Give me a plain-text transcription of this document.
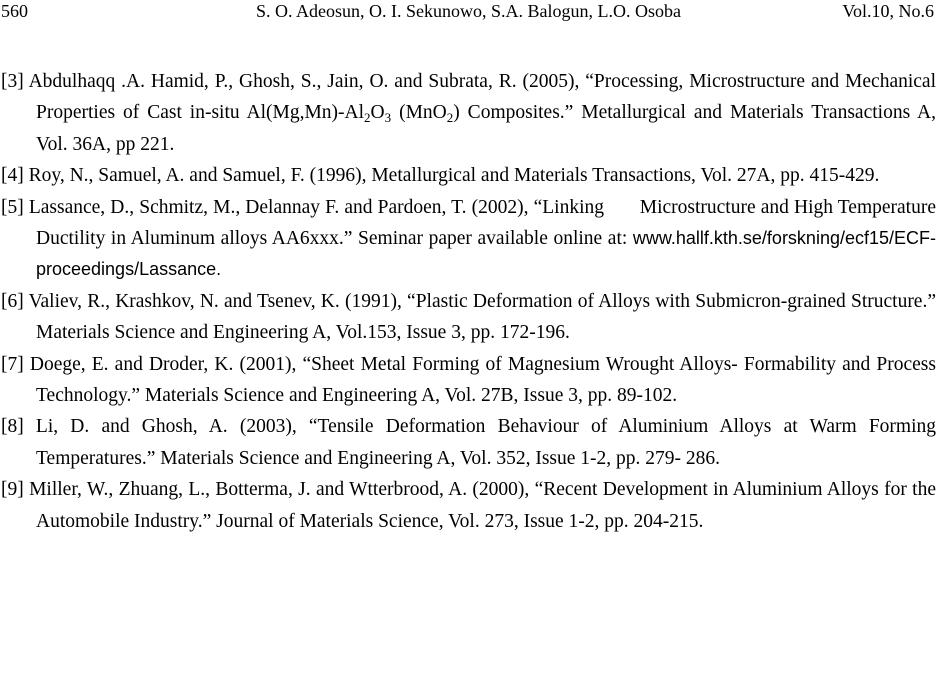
560	S. O. Adeosun, O. I. Sekunowo, S.A. Balogun, L.O. Osoba	Vol.10, No.6
[3] Abdulhaqq .A. Hamid, P., Ghosh, S., Jain, O. and Subrata, R. (2005), “Processing, Microstructure and Mechanical Properties of Cast in-situ $Al(Mg,Mn)-Al_2O_3$ (MnO$_2$) Composites.” Metallurgical and Materials Transactions A, Vol. 36A, pp 221.
[4] Roy, N., Samuel, A. and Samuel, F. (1996), Metallurgical and Materials Transactions, Vol. 27A, pp. 415-429.
[5] Lassance, D., Schmitz, M., Delannay F. and Pardoen, T. (2002), “Linking       Microstructure and High Temperature Ductility in Aluminum alloys AA6xxx.” Seminar paper available online at: www.hallf.kth.se/forskning/ecf15/ECF-proceedings/Lassance.
[6] Valiev, R., Krashkov, N. and Tsenev, K. (1991), “Plastic Deformation of Alloys with Submicron-grained Structure.” Materials Science and Engineering A, Vol.153, Issue 3, pp. 172-196.
[7] Doege, E. and Droder, K. (2001), “Sheet Metal Forming of Magnesium Wrought Alloys- Formability and Process Technology.” Materials Science and Engineering A, Vol. 27B, Issue 3, pp. 89-102.
[8] Li, D. and Ghosh, A. (2003), “Tensile Deformation Behaviour of Aluminium Alloys at Warm Forming Temperatures.” Materials Science and Engineering A, Vol. 352, Issue 1-2, pp. 279- 286.
[9] Miller, W., Zhuang, L., Botterma, J. and Wtterbrood, A. (2000), “Recent Development in Aluminium Alloys for the Automobile Industry.” Journal of Materials Science, Vol. 273, Issue 1-2, pp. 204-215.
